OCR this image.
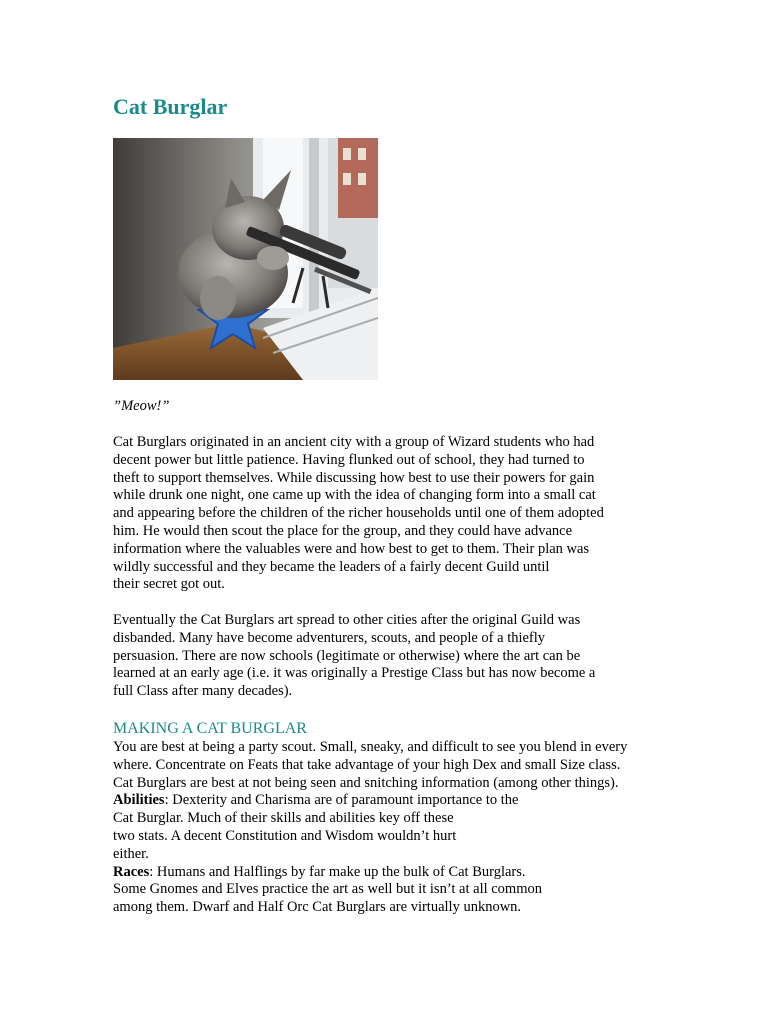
Cat Burglar
”Meow!”
Cat Burglars originated in an ancient city with a group of Wizard students who had
decent power but little patience. Having flunked out of school, they had turned to
theft to support themselves. While discussing how best to use their powers for gain
while drunk one night, one came up with the idea of changing form into a small cat
and appearing before the children of the richer households until one of them adopted
him. He would then scout the place for the group, and they could have advance
information where the valuables were and how best to get to them. Their plan was
wildly successful and they became the leaders of a fairly decent Guild until
their secret got out.
Eventually the Cat Burglars art spread to other cities after the original Guild was
disbanded. Many have become adventurers, scouts, and people of a thiefly
persuasion. There are now schools (legitimate or otherwise) where the art can be
learned at an early age (i.e. it was originally a Prestige Class but has now become a
full Class after many decades).
MAKING A CAT BURGLAR
You are best at being a party scout. Small, sneaky, and difficult to see you blend in every
where. Concentrate on Feats that take advantage of your high Dex and small Size class.
Cat Burglars are best at not being seen and snitching information (among other things).
Abilities: Dexterity and Charisma are of paramount importance to the
Cat Burglar. Much of their skills and abilities key off these
two stats. A decent Constitution and Wisdom wouldn’t hurt
either.
Races: Humans and Halflings by far make up the bulk of Cat Burglars.
Some Gnomes and Elves practice the art as well but it isn’t at all common
among them. Dwarf and Half Orc Cat Burglars are virtually unknown.
